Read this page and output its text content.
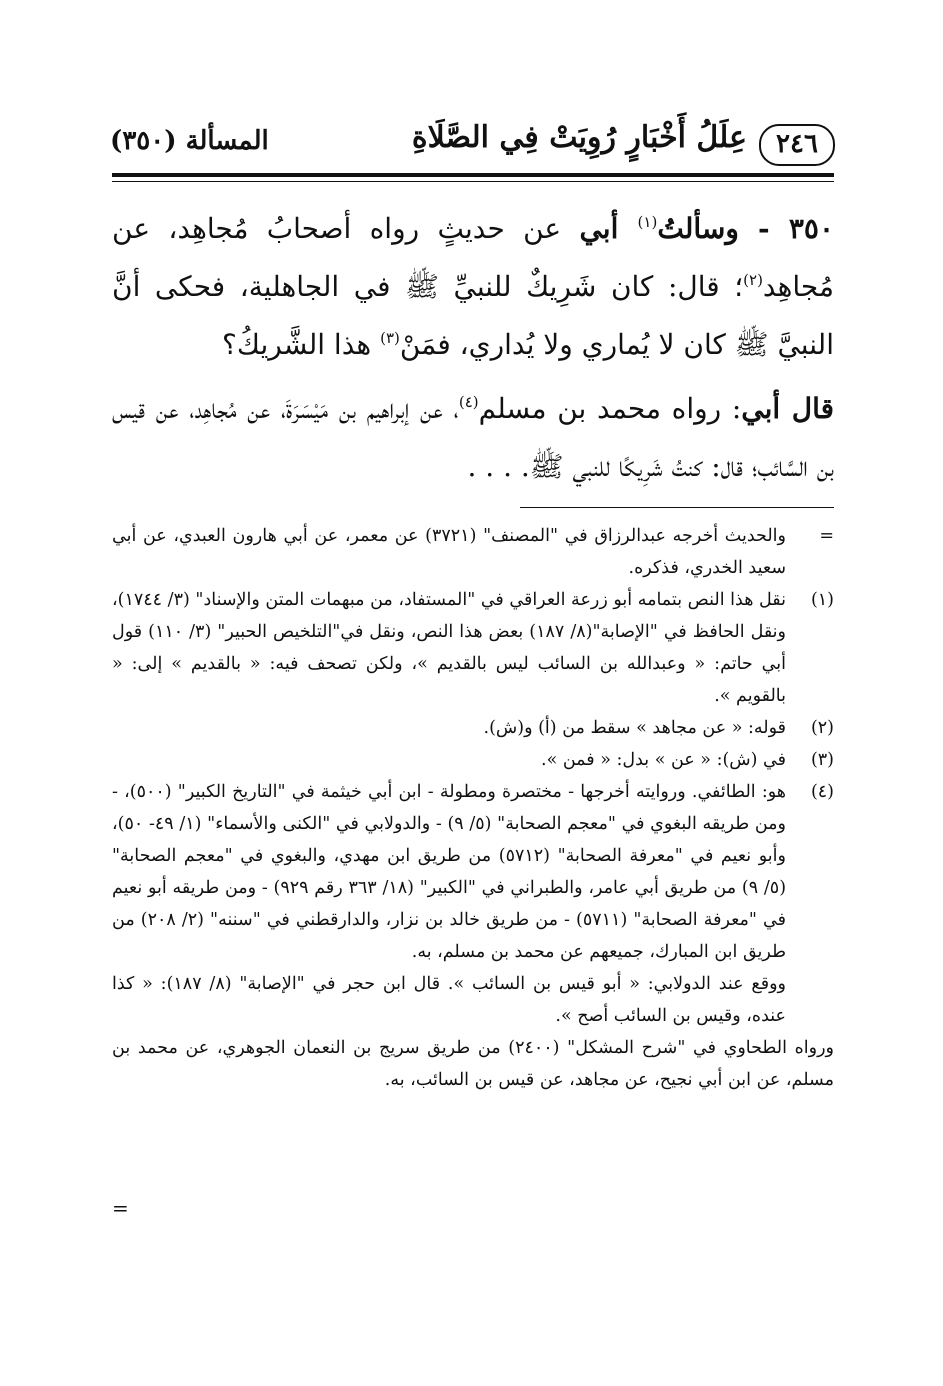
٢٤٦
عِلَلُ أَخْبَارٍ رُوِيَتْ فِي الصَّلَاةِ
المسألة (٣٥٠)

٣٥٠ - وسألتُ$^{(١)}$ أبي عن حديثٍ رواه أصحابُ مُجاهِد، عن مُجاهِد$^{(٢)}$؛ قال: كان شَرِيكٌ للنبيِّ ﷺ في الجاهلية، فحكى أنَّ النبيَّ ﷺ كان لا يُماري ولا يُداري، فمَنْ$^{(٣)}$ هذا الشَّريكُ؟

قال أبي: رواه محمد بن مسلم$^{(٤)}$، عن إبراهيم بن مَيْسَرَةَ، عن مُجاهِد، عن قيس بن السَّائب؛ قال: كنتُ شَرِيكًا للنبي ﷺ. . . .

=

والحديث أخرجه عبدالرزاق في "المصنف" (٣٧٢١) عن معمر، عن أبي هارون العبدي، عن أبي سعيد الخدري، فذكره.

(١)

نقل هذا النص بتمامه أبو زرعة العراقي في "المستفاد، من مبهمات المتن والإسناد" (٣/ ١٧٤٤)، ونقل الحافظ في "الإصابة"(٨/ ١٨٧) بعض هذا النص، ونقل في"التلخيص الحبير" (٣/ ١١٠) قول أبي حاتم: « وعبدالله بن السائب ليس بالقديم »، ولكن تصحف فيه: « بالقديم » إلى: « بالقويم ».

(٢)

قوله: « عن مجاهد » سقط من (أ) و(ش).

(٣)

في (ش): « عن » بدل: « فمن ».

(٤)

هو: الطائفي. وروايته أخرجها - مختصرة ومطولة - ابن أبي خيثمة في "التاريخ الكبير" (٥٠٠)، - ومن طريقه البغوي في "معجم الصحابة" (٥/ ٩) - والدولابي في "الكنى والأسماء" (١/ ٤٩- ٥٠)، وأبو نعيم في "معرفة الصحابة" (٥٧١٢) من طريق ابن مهدي، والبغوي في "معجم الصحابة" (٥/ ٩) من طريق أبي عامر، والطبراني في "الكبير" (١٨/ ٣٦٣ رقم ٩٢٩) - ومن طريقه أبو نعيم في "معرفة الصحابة" (٥٧١١) - من طريق خالد بن نزار، والدارقطني في "سننه" (٢/ ٢٠٨) من طريق ابن المبارك، جميعهم عن محمد بن مسلم، به.

ووقع عند الدولابي: « أبو قيس بن السائب ». قال ابن حجر في "الإصابة" (٨/ ١٨٧): « كذا عنده، وقيس بن السائب أصح ».

ورواه الطحاوي في "شرح المشكل" (٢٤٠٠) من طريق سريج بن النعمان الجوهري، عن محمد بن مسلم، عن ابن أبي نجيح، عن مجاهد، عن قيس بن السائب، به.

=
